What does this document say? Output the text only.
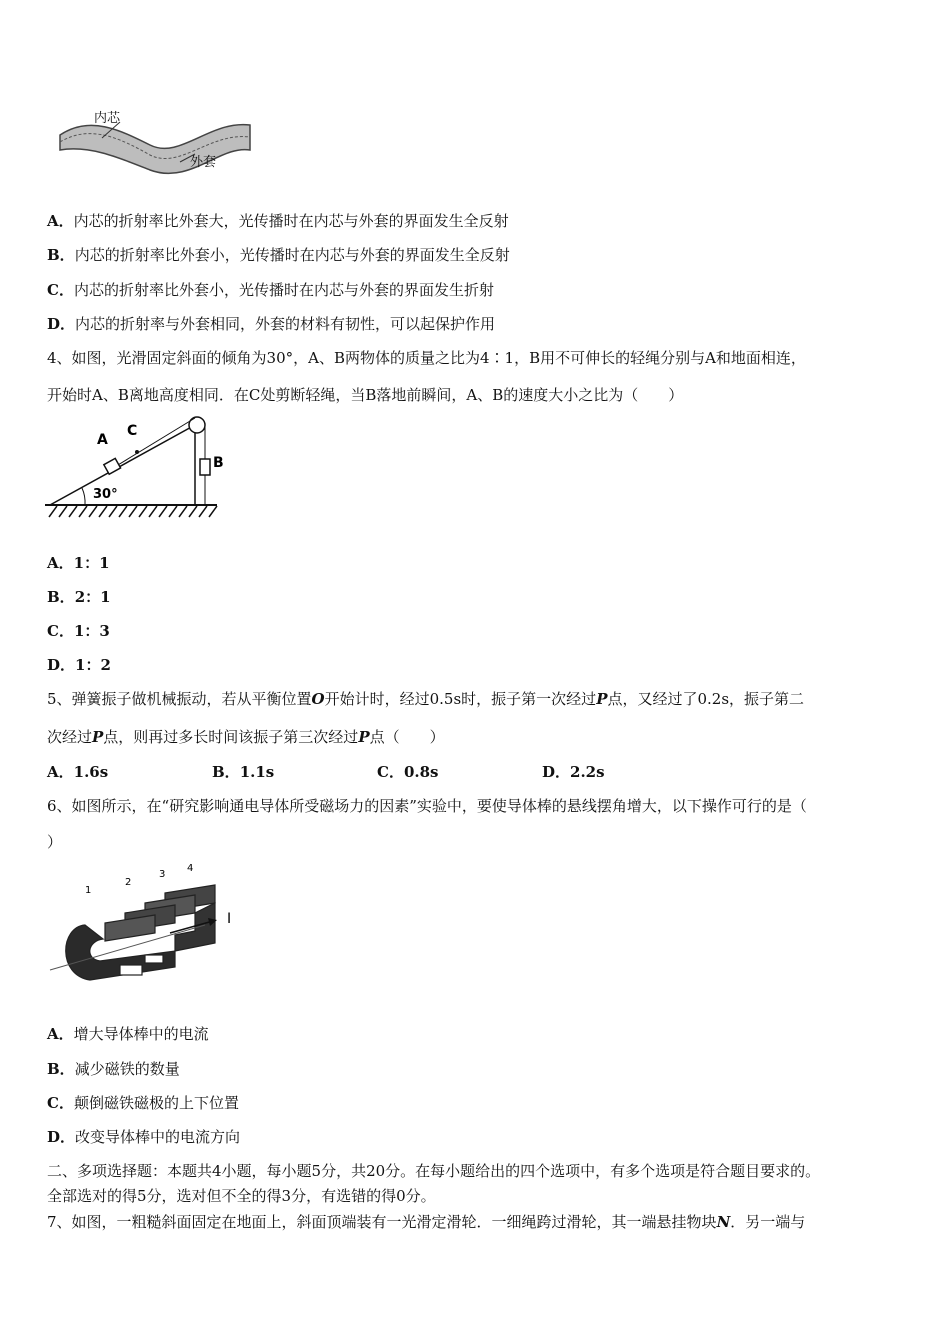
内芯
外套
A．内芯的折射率比外套大，光传播时在内芯与外套的界面发生全反射
B．内芯的折射率比外套小，光传播时在内芯与外套的界面发生全反射
C．内芯的折射率比外套小，光传播时在内芯与外套的界面发生折射
D．内芯的折射率与外套相同，外套的材料有韧性，可以起保护作用
4、如图，光滑固定斜面的倾角为30°，A、B两物体的质量之比为4∶1，B用不可伸长的轻绳分别与A和地面相连，
开始时A、B离地高度相同．在C处剪断轻绳，当B落地前瞬间，A、B的速度大小之比为（　　）
A
C
B
30°
A．1：1
B．2：1
C．1：3
D．1：2
5、弹簧振子做机械振动，若从平衡位置O开始计时，经过0.5s时，振子第一次经过P点，又经过了0.2s，振子第二
次经过P点，则再过多长时间该振子第三次经过P点（　　）
A．1.6s	B．1.1s	C．0.8s	D．2.2s
6、如图所示，在“研究影响通电导体所受磁场力的因素”实验中，要使导体棒的悬线摆角增大，以下操作可行的是（
）
1
2
3
4
I
A．增大导体棒中的电流
B．减少磁铁的数量
C．颠倒磁铁磁极的上下位置
D．改变导体棒中的电流方向
二、多项选择题：本题共4小题，每小题5分，共20分。在每小题给出的四个选项中，有多个选项是符合题目要求的。
全部选对的得5分，选对但不全的得3分，有选错的得0分。
7、如图，一粗糙斜面固定在地面上，斜面顶端装有一光滑定滑轮．一细绳跨过滑轮，其一端悬挂物块N．另一端与
